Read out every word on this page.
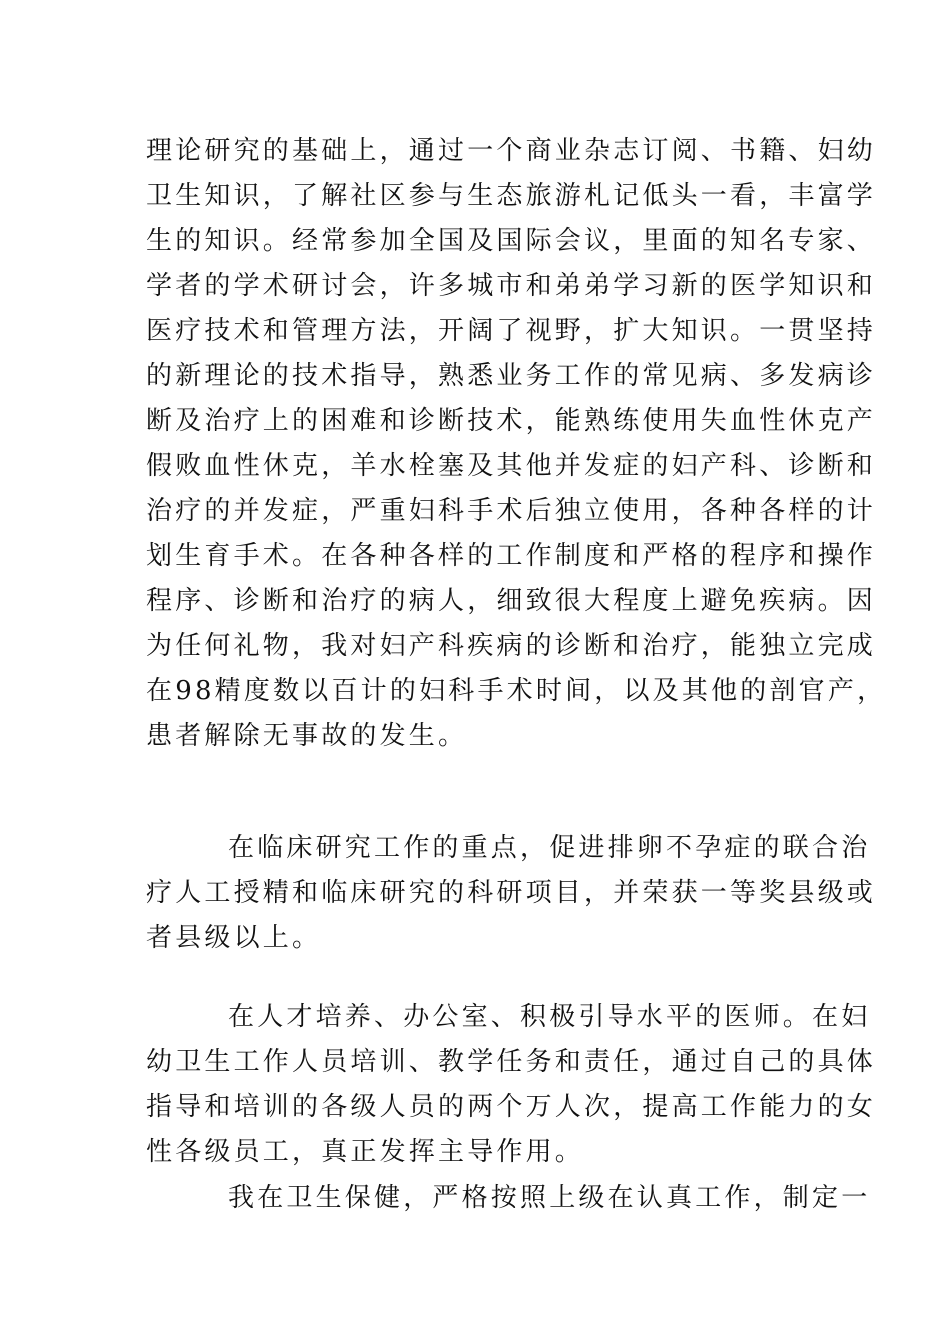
理论研究的基础上，通过一个商业杂志订阅、书籍、妇幼
卫生知识，了解社区参与生态旅游札记低头一看，丰富学
生的知识。经常参加全国及国际会议，里面的知名专家、
学者的学术研讨会，许多城市和弟弟学习新的医学知识和
医疗技术和管理方法，开阔了视野，扩大知识。一贯坚持
的新理论的技术指导，熟悉业务工作的常见病、多发病诊
断及治疗上的困难和诊断技术，能熟练使用失血性休克产
假败血性休克，羊水栓塞及其他并发症的妇产科、诊断和
治疗的并发症，严重妇科手术后独立使用，各种各样的计
划生育手术。在各种各样的工作制度和严格的程序和操作
程序、诊断和治疗的病人，细致很大程度上避免疾病。因
为任何礼物，我对妇产科疾病的诊断和治疗，能独立完成
在98精度数以百计的妇科手术时间，以及其他的剖官产，
患者解除无事故的发生。
在临床研究工作的重点，促进排卵不孕症的联合治
疗人工授精和临床研究的科研项目，并荣获一等奖县级或
者县级以上。
在人才培养、办公室、积极引导水平的医师。在妇
幼卫生工作人员培训、教学任务和责任，通过自己的具体
指导和培训的各级人员的两个万人次，提高工作能力的女
性各级员工，真正发挥主导作用。
我在卫生保健，严格按照上级在认真工作，制定一
